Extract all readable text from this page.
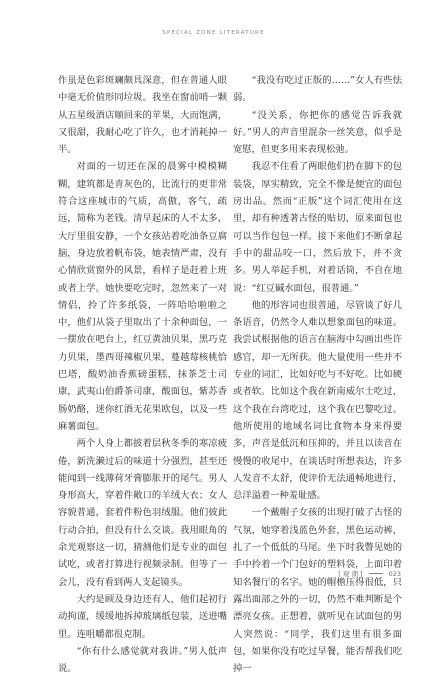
SPECIAL ZONE LITERATURE

作虽是色彩斑斓颇具深意，但在普通人眼中毫无价值形同垃圾。我坐在窗前哨一颗从五星级酒店顺回来的苹果，大而饱满，又很甜，我耐心吃了许久，也才消耗掉一半。

对面的一切还在深的晨雾中模模糊糊，建筑都是青灰色的，比流行的更非常符合这座城市的气质，高傲，客气，疏远，简称为老钱。清早起床的人不太多，大厅里很安静，一个女孩站着吃油条豆腐脑，身边放着帆布袋，她表情严肃，没有心情欣赏窗外的风景，看样子是赶着上班或者上学。她快要吃完时，忽然来了一对情侣，拎了许多纸袋，一阵哈哈啦啦之中，他们从袋子里取出了十余种面包，一一摆放在吧台上，红豆黄油贝果，黑巧克力贝果，墨西哥辣椒贝果，蔓越莓核桃恰巴塔，酸奶油香蕉磅蛋糕，抹茶芝士司康，武夷山伯爵茶司康，酸面包，紫苏香肠奶酪，迷你红酒无花果欧包，以及一些麻薯面包。

两个人身上都披着层秋冬季的寒凉疲倦，新洗濑过后的味道十分强烈，甚至还能闻到一线薄荷牙膏膨胀开的尾气。男人身形高大，穿着件敞口的羊绒大衣；女人容貌普通，套着件粉色羽绒服。他们彼此行动合拍，但没有什么交谈。我用眼角的余光观察这一切，猜测他们是专业的面包试吃，或者打算进行视频录制。但等了一会儿，没有看到两人支起镜头。

大约是顾及身边还有人，他们起初行动拘谨，缓缓地拆掉玻璃纸包装，送进嘴里。连咀嚼都很克制。

“你有什么感觉就对我讲。”男人低声说。

“我没有吃过正版的……”女人有些怯弱。

“没关系，你把你的感觉告诉我就好。”男人的声音里混杂一丝笑意，似乎是宽慰，但更多用来表现松弛。

我忍不住看了两眼他们扔在脚下的包装袋，厚实精致，完全不像是便宜的面包房出品。然而“正版”这个词汇使用在这里，却有种透著古怪的贴切，原来面包也可以当作包包一样。接下来他们不断拿起手中的甜品咬一口，然后放下，并不贪多。男人举起手机，对着话筒，不自在地说：“红豆碱水面包，很普通。”

他的形容词也很普通，尽管谈了好几条语音，仍然令人难以想象面包的味道。我尝试根据他的语言在脑海中勾画出些许感官，却一无所获。他大量使用一些并不专业的词汇，比如好吃与不好吃。比如硬或者软。比如这个我在新南威尔士吃过，这个我在台湾吃过，这个我在巴黎吃过。他所使用的地域名词比食物本身来得要多，声音是低沉和压抑的，并且以读音在慢慢的收尾中，在谈话时所想表达，许多人发音不太舒，使评价无法通畅地进行，总洋溢着一种羞耻感。

一个戴帽子女孩的出现打破了古怪的气氛，她穿着浅蓝色外套，黑色运动裤，扎了一个低低的马尾。坐下时我瞥见她的手中拎着一个门包好的塑料袋，上面印着知名餐厅的名字。她的帽檐压得很低，只露出面部之外的一切，仍然不难判断是个漂亮女孩。正想着，就听见在试面包的男人突然说：“同学，我们这里有很多面包，如果你没有吃过早餐，能否帮我们吃掉一

[ 观 潮 ]	023
